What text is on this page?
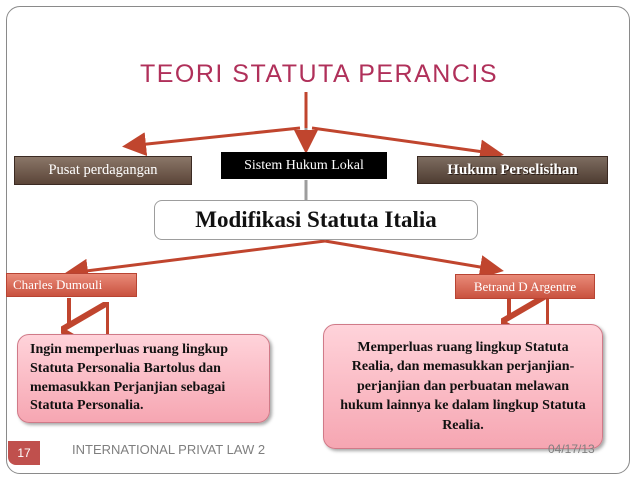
TEORI STATUTA PERANCIS
Pusat perdagangan	Sistem Hukum Lokal	Hukum Perselisihan
Modifikasi Statuta Italia
Charles Dumouli	Betrand D Argentre
Ingin memperluas ruang lingkup Statuta Personalia Bartolus dan memasukkan Perjanjian sebagai Statuta Personalia.
Memperluas ruang lingkup Statuta Realia, dan memasukkan perjanjian-perjanjian dan perbuatan melawan hukum lainnya ke dalam lingkup Statuta Realia.
17	INTERNATIONAL PRIVAT LAW 2	04/17/13
